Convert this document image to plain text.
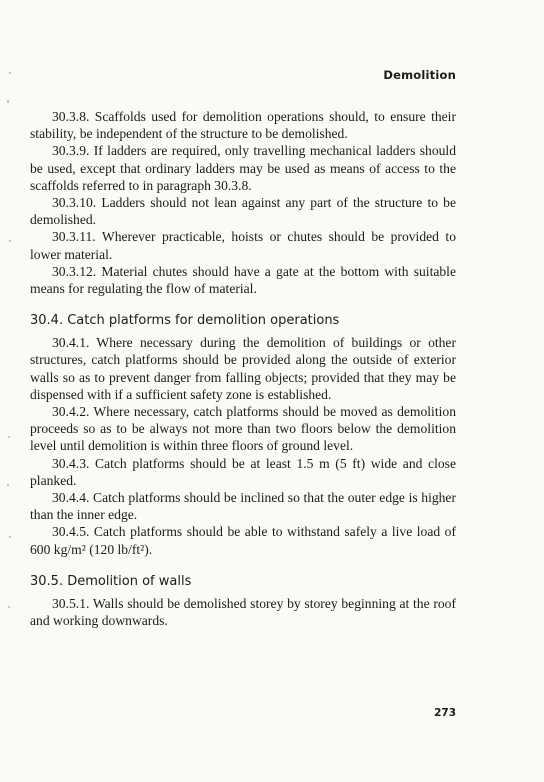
Demolition

30.3.8. Scaffolds used for demolition operations should, to ensure their stability, be independent of the structure to be demolished.

30.3.9. If ladders are required, only travelling mechanical ladders should be used, except that ordinary ladders may be used as means of access to the scaffolds referred to in paragraph 30.3.8.

30.3.10. Ladders should not lean against any part of the structure to be demolished.

30.3.11. Wherever practicable, hoists or chutes should be provided to lower material.

30.3.12. Material chutes should have a gate at the bottom with suitable means for regulating the flow of material.

30.4. Catch platforms for demolition operations

30.4.1. Where necessary during the demolition of buildings or other structures, catch platforms should be provided along the outside of exterior walls so as to prevent danger from falling objects; provided that they may be dispensed with if a sufficient safety zone is established.

30.4.2. Where necessary, catch platforms should be moved as demolition proceeds so as to be always not more than two floors below the demolition level until demolition is within three floors of ground level.

30.4.3. Catch platforms should be at least 1.5 m (5 ft) wide and close planked.

30.4.4. Catch platforms should be inclined so that the outer edge is higher than the inner edge.

30.4.5. Catch platforms should be able to withstand safely a live load of 600 kg/m² (120 lb/ft²).

30.5. Demolition of walls

30.5.1. Walls should be demolished storey by storey beginning at the roof and working downwards.

273
